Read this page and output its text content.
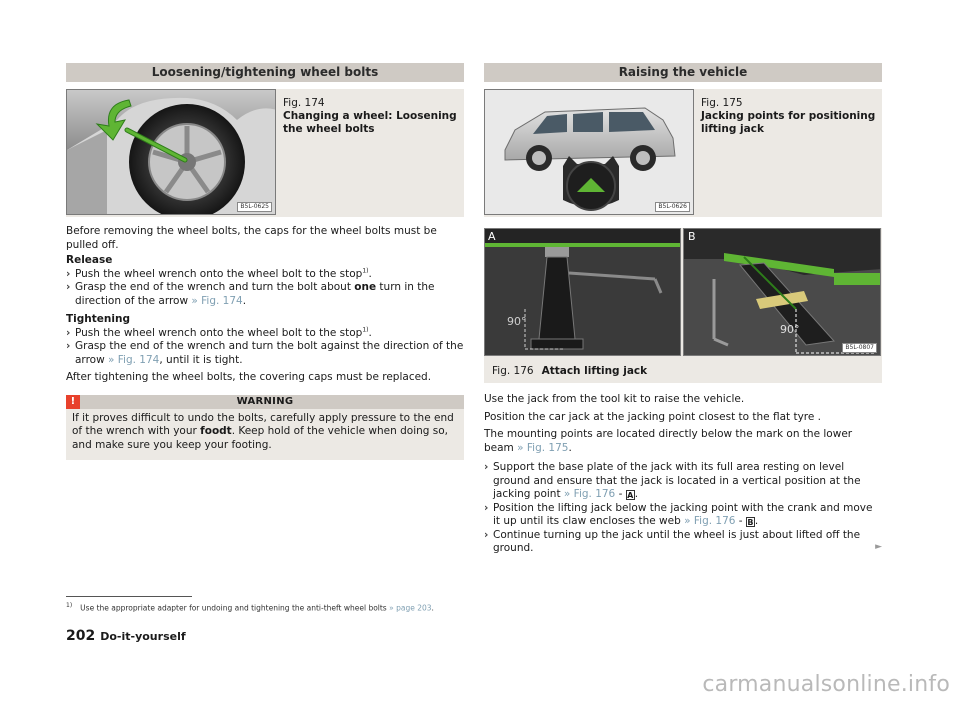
Loosening/tightening wheel bolts
B5L-0625
Fig. 174
Changing a wheel: Loosening the wheel bolts

Before removing the wheel bolts, the caps for the wheel bolts must be pulled off.

Release

› Push the wheel wrench onto the wheel bolt to the stop$^{1)}$.
› Grasp the end of the wrench and turn the bolt about one turn in the direction of the arrow » Fig. 174.

Tightening

› Push the wheel wrench onto the wheel bolt to the stop$^{1)}$.
› Grasp the end of the wrench and turn the bolt against the direction of the arrow » Fig. 174, until it is tight.

After tightening the wheel bolts, the covering caps must be replaced.

!	WARNING
If it proves difficult to undo the bolts, carefully apply pressure to the end of the wrench with your foodt. Keep hold of the vehicle when doing so, and make sure you keep your footing.
Raising the vehicle
B5L-0626
Fig. 175
Jacking points for positioning lifting jack
90°
90°
B5L-0807
A	B
Fig. 176 Attach lifting jack

Use the jack from the tool kit to raise the vehicle.

Position the car jack at the jacking point closest to the flat tyre .

The mounting points are located directly below the mark on the lower beam » Fig. 175.

› Support the base plate of the jack with its full area resting on level ground and ensure that the jack is located in a vertical position at the jacking point » Fig. 176 - A.
› Position the lifting jack below the jacking point with the crank and move it up until its claw encloses the web » Fig. 176 - B.
› Continue turning up the jack until the wheel is just about lifted off the ground.	►
$^{1)}$ Use the appropriate adapter for undoing and tightening the anti-theft wheel bolts » page 203.
202 Do-it-yourself
carmanualsonline.info
